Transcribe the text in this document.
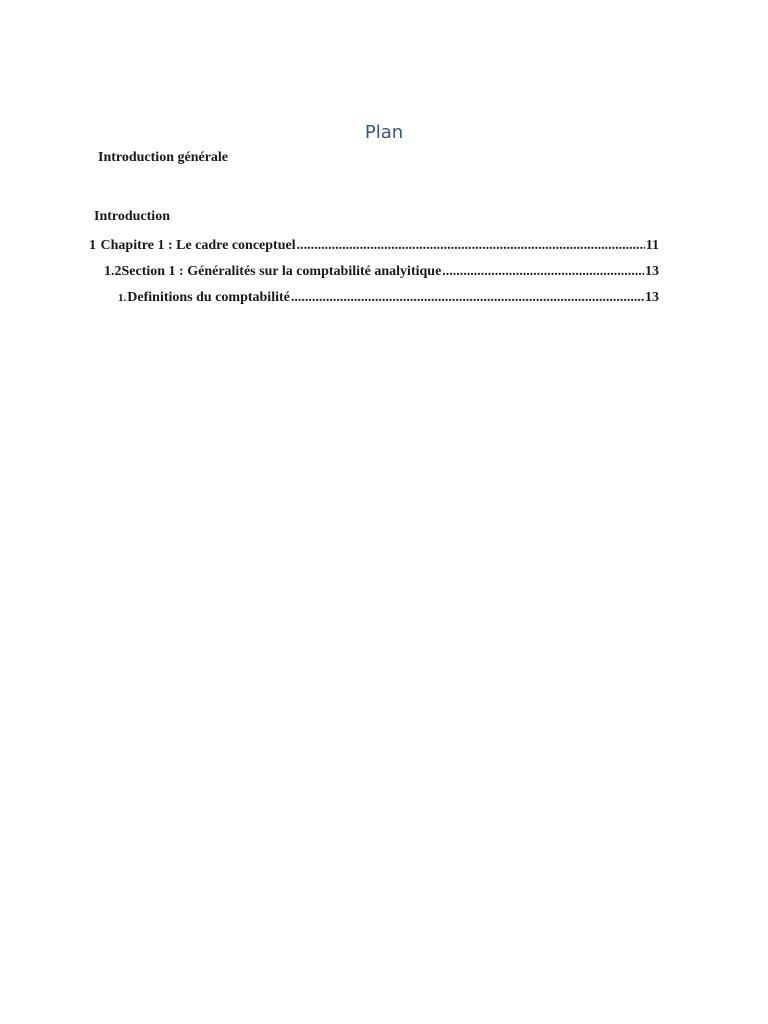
Plan
Introduction générale
Introduction
1 Chapitre 1 : Le cadre conceptuel .....	11
1.2 Section 1 : Généralités sur la comptabilité analyitique .....	13
1. Definitions du comptabilité .....	13
